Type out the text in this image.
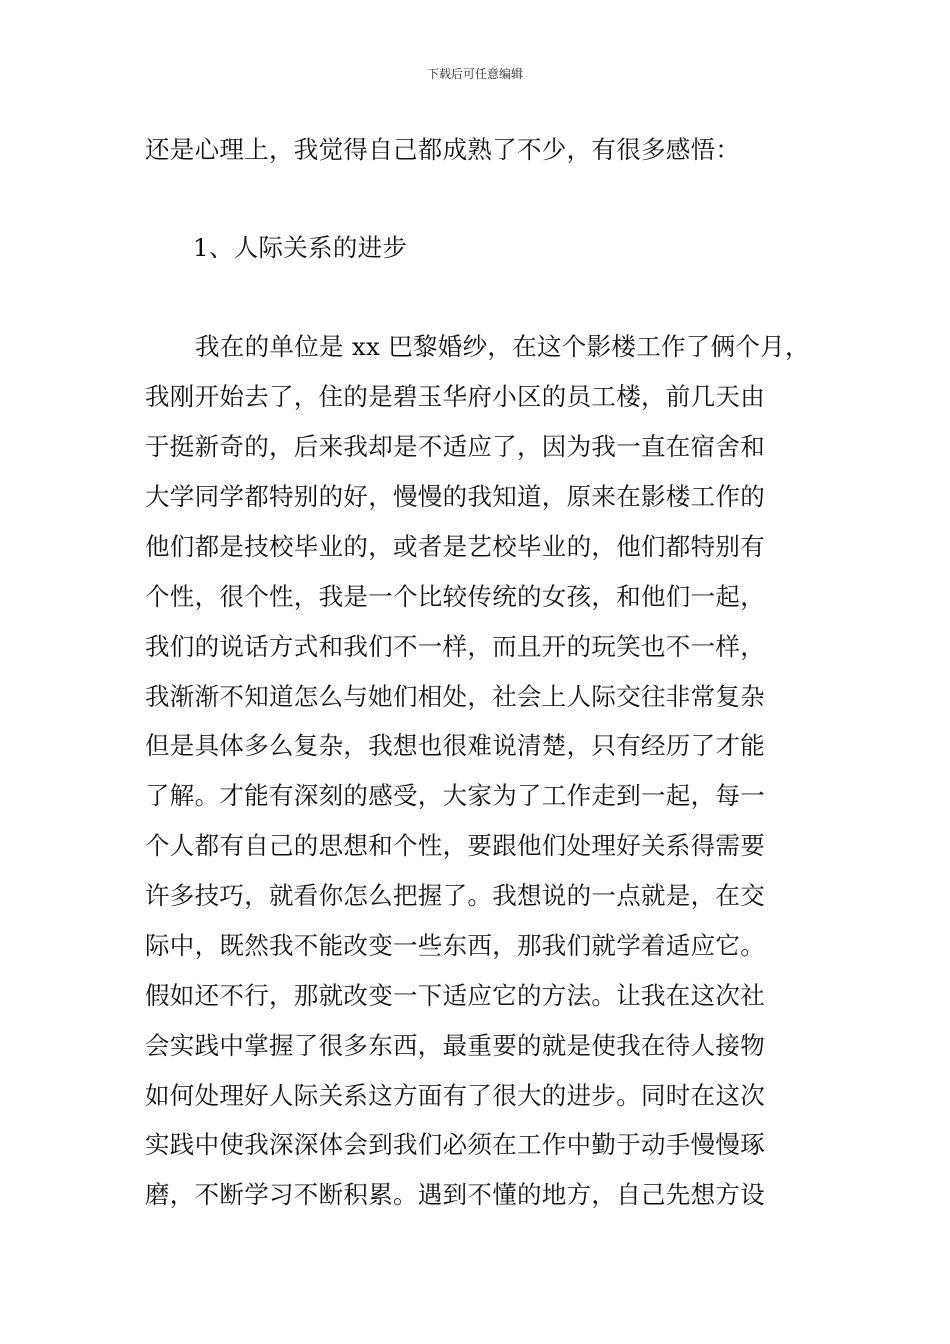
下载后可任意编辑
还是心理上，我觉得自己都成熟了不少，有很多感悟：
1、人际关系的进步
我在的单位是 xx 巴黎婚纱，在这个影楼工作了俩个月，
我刚开始去了，住的是碧玉华府小区的员工楼，前几天由
于挺新奇的，后来我却是不适应了，因为我一直在宿舍和
大学同学都特别的好，慢慢的我知道，原来在影楼工作的
他们都是技校毕业的，或者是艺校毕业的，他们都特别有
个性，很个性，我是一个比较传统的女孩，和他们一起，
我们的说话方式和我们不一样，而且开的玩笑也不一样，
我渐渐不知道怎么与她们相处，社会上人际交往非常复杂
但是具体多么复杂，我想也很难说清楚，只有经历了才能
了解。才能有深刻的感受，大家为了工作走到一起，每一
个人都有自己的思想和个性，要跟他们处理好关系得需要
许多技巧，就看你怎么把握了。我想说的一点就是，在交
际中，既然我不能改变一些东西，那我们就学着适应它。
假如还不行，那就改变一下适应它的方法。让我在这次社
会实践中掌握了很多东西，最重要的就是使我在待人接物
如何处理好人际关系这方面有了很大的进步。同时在这次
实践中使我深深体会到我们必须在工作中勤于动手慢慢琢
磨，不断学习不断积累。遇到不懂的地方，自己先想方设
